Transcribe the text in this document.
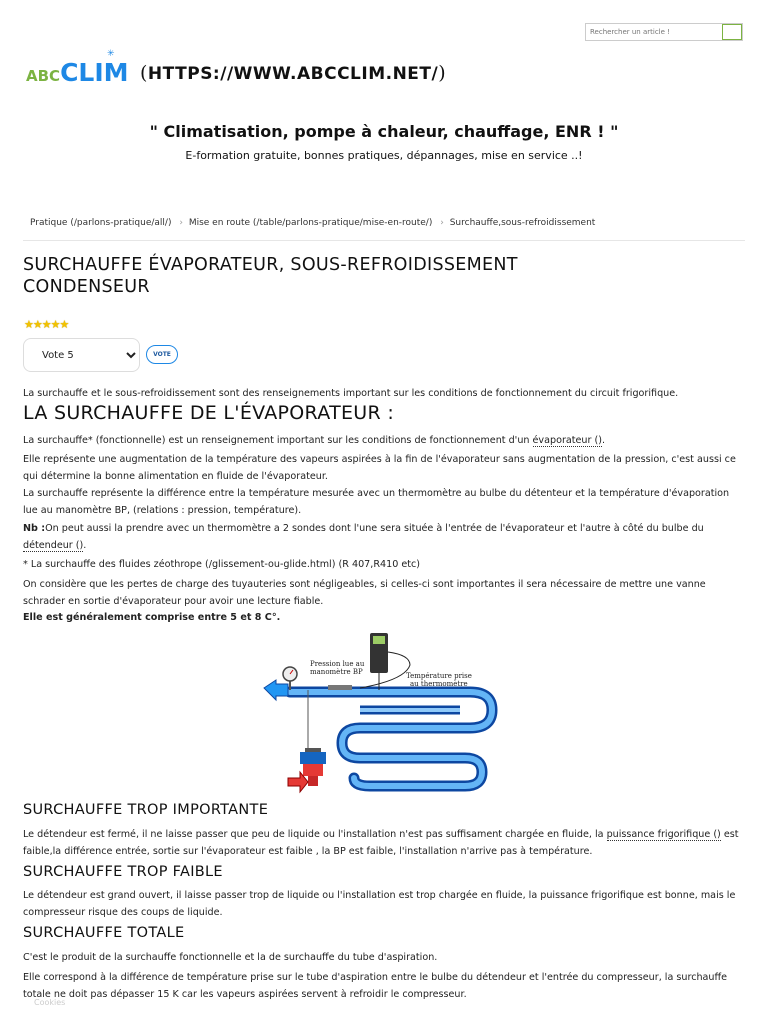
Rechercher un article !
ABC CLIM
✳
(HTTPS://WWW.ABCCLIM.NET/)
" Climatisation, pompe à chaleur, chauffage, ENR ! "
E-formation gratuite, bonnes pratiques, dépannages, mise en service ..!
Pratique (/parlons-pratique/all/) › Mise en route (/table/parlons-pratique/mise-en-route/) › Surchauffe,sous-refroidissement
SURCHAUFFE ÉVAPORATEUR, SOUS-REFROIDISSEMENT
CONDENSEUR
★★★★★
Vote 5
VOTE

La surchauffe et le sous-refroidissement sont des renseignements important sur les conditions de fonctionnement du circuit frigorifique.

LA SURCHAUFFE DE L'ÉVAPORATEUR :

La surchauffe* (fonctionnelle) est un renseignement important sur les conditions de fonctionnement d'un évaporateur ().

Elle représente une augmentation de la température des vapeurs aspirées à la fin de l'évaporateur sans augmentation de la pression, c'est aussi ce qui détermine la bonne alimentation en fluide de l'évaporateur.

La surchauffe représente la différence entre la température mesurée avec un thermomètre au bulbe du détenteur et la température d'évaporation lue au manomètre BP, (relations : pression, température).

Nb :On peut aussi la prendre avec un thermomètre a 2 sondes dont l'une sera située à l'entrée de l'évaporateur et l'autre à côté du bulbe du détendeur ().

* La surchauffe des fluides zéothrope (/glissement-ou-glide.html) (R 407,R410 etc)

On considère que les pertes de charge des tuyauteries sont négligeables, si celles-ci sont importantes il sera nécessaire de mettre une vanne schrader en sortie d'évaporateur pour avoir une lecture fiable.

Elle est généralement comprise entre 5 et 8 C°.

Pression lue au
manomètre BP	Température prise
au thermomètre
SURCHAUFFE TROP IMPORTANTE

Le détendeur est fermé, il ne laisse passer que peu de liquide ou l'installation n'est pas suffisament chargée en fluide, la puissance frigorifique () est faible,la différence entrée, sortie sur l'évaporateur est faible , la BP est faible, l'installation n'arrive pas à température.

SURCHAUFFE TROP FAIBLE

Le détendeur est grand ouvert, il laisse passer trop de liquide ou l'installation est trop chargée en fluide, la puissance frigorifique est bonne, mais le compresseur risque des coups de liquide.

SURCHAUFFE TOTALE

C'est le produit de la surchauffe fonctionnelle et la de surchauffe du tube d'aspiration.

Elle correspond à la différence de température prise sur le tube d'aspiration entre le bulbe du détendeur et l'entrée du compresseur, la surchauffe totale ne doit pas dépasser 15 K car les vapeurs aspirées servent à refroidir le compresseur.

Cookies
